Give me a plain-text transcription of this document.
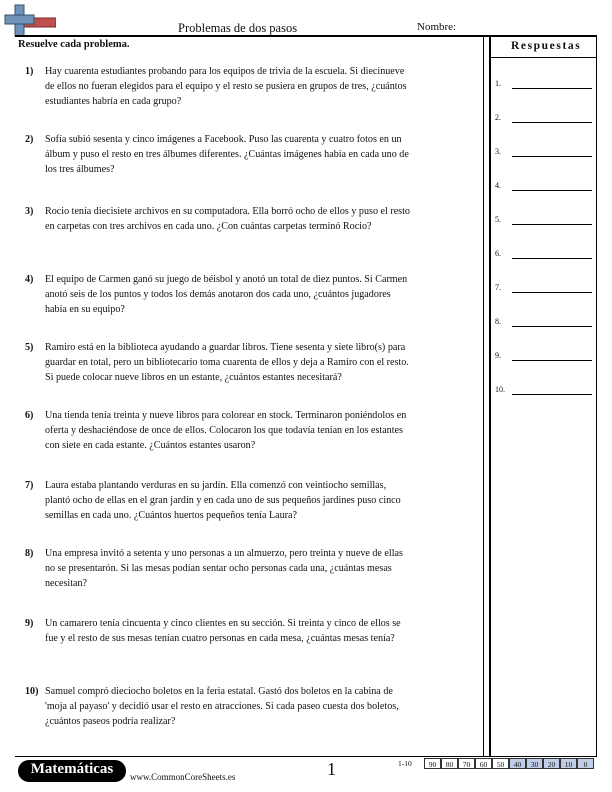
Problemas de dos pasos	Nombre:
Resuelve cada problema.
1) Hay cuarenta estudiantes probando para los equipos de trivia de la escuela. Si diecinueve
de ellos no fueran elegidos para el equipo y el resto se pusiera en grupos de tres, ¿cuántos
estudiantes habría en cada grupo?
2) Sofía subió sesenta y cinco imágenes a Facebook. Puso las cuarenta y cuatro fotos en un
álbum y puso el resto en tres álbumes diferentes. ¿Cuántas imágenes había en cada uno de
los tres álbumes?
3) Rocio tenía diecisiete archivos en su computadora. Ella borró ocho de ellos y puso el resto
en carpetas con tres archivos en cada uno. ¿Con cuántas carpetas terminó Rocio?
4) El equipo de Carmen ganó su juego de béisbol y anotó un total de diez puntos. Si Carmen
anotó seis de los puntos y todos los demás anotaron dos cada uno, ¿cuántos jugadores
había en su equipo?
5) Ramiro está en la biblioteca ayudando a guardar libros. Tiene sesenta y siete libro(s) para
guardar en total, pero un bibliotecario toma cuarenta de ellos y deja a Ramiro con el resto.
Si puede colocar nueve libros en un estante, ¿cuántos estantes necesitará?
6) Una tienda tenía treinta y nueve libros para colorear en stock. Terminaron poniéndolos en
oferta y deshaciéndose de once de ellos. Colocaron los que todavía tenían en los estantes
con siete en cada estante. ¿Cuántos estantes usaron?
7) Laura estaba plantando verduras en su jardín. Ella comenzó con veintiocho semillas,
plantó ocho de ellas en el gran jardín y en cada uno de sus pequeños jardines puso cinco
semillas en cada uno. ¿Cuántos huertos pequeños tenía Laura?
8) Una empresa invitó a setenta y uno personas a un almuerzo, pero treinta y nueve de ellas
no se presentarón. Si las mesas podían sentar ocho personas cada una, ¿cuántas mesas
necesitan?
9) Un camarero tenía cincuenta y cinco clientes en su sección. Si treinta y cinco de ellos se
fue y el resto de sus mesas tenían cuatro personas en cada mesa, ¿cuántas mesas tenía?
10) Samuel compró dieciocho boletos en la feria estatal. Gastó dos boletos en la cabina de
'moja al payaso' y decidió usar el resto en atracciones. Si cada paseo cuesta dos boletos,
¿cuántos paseos podría realizar?
Respuestas
1.
2.
3.
4.
5.
6.
7.
8.
9.
10.
Matemáticas	www.CommonCoreSheets.es	1	1-10	90	80	70	60	50	40	30	20	10	0
